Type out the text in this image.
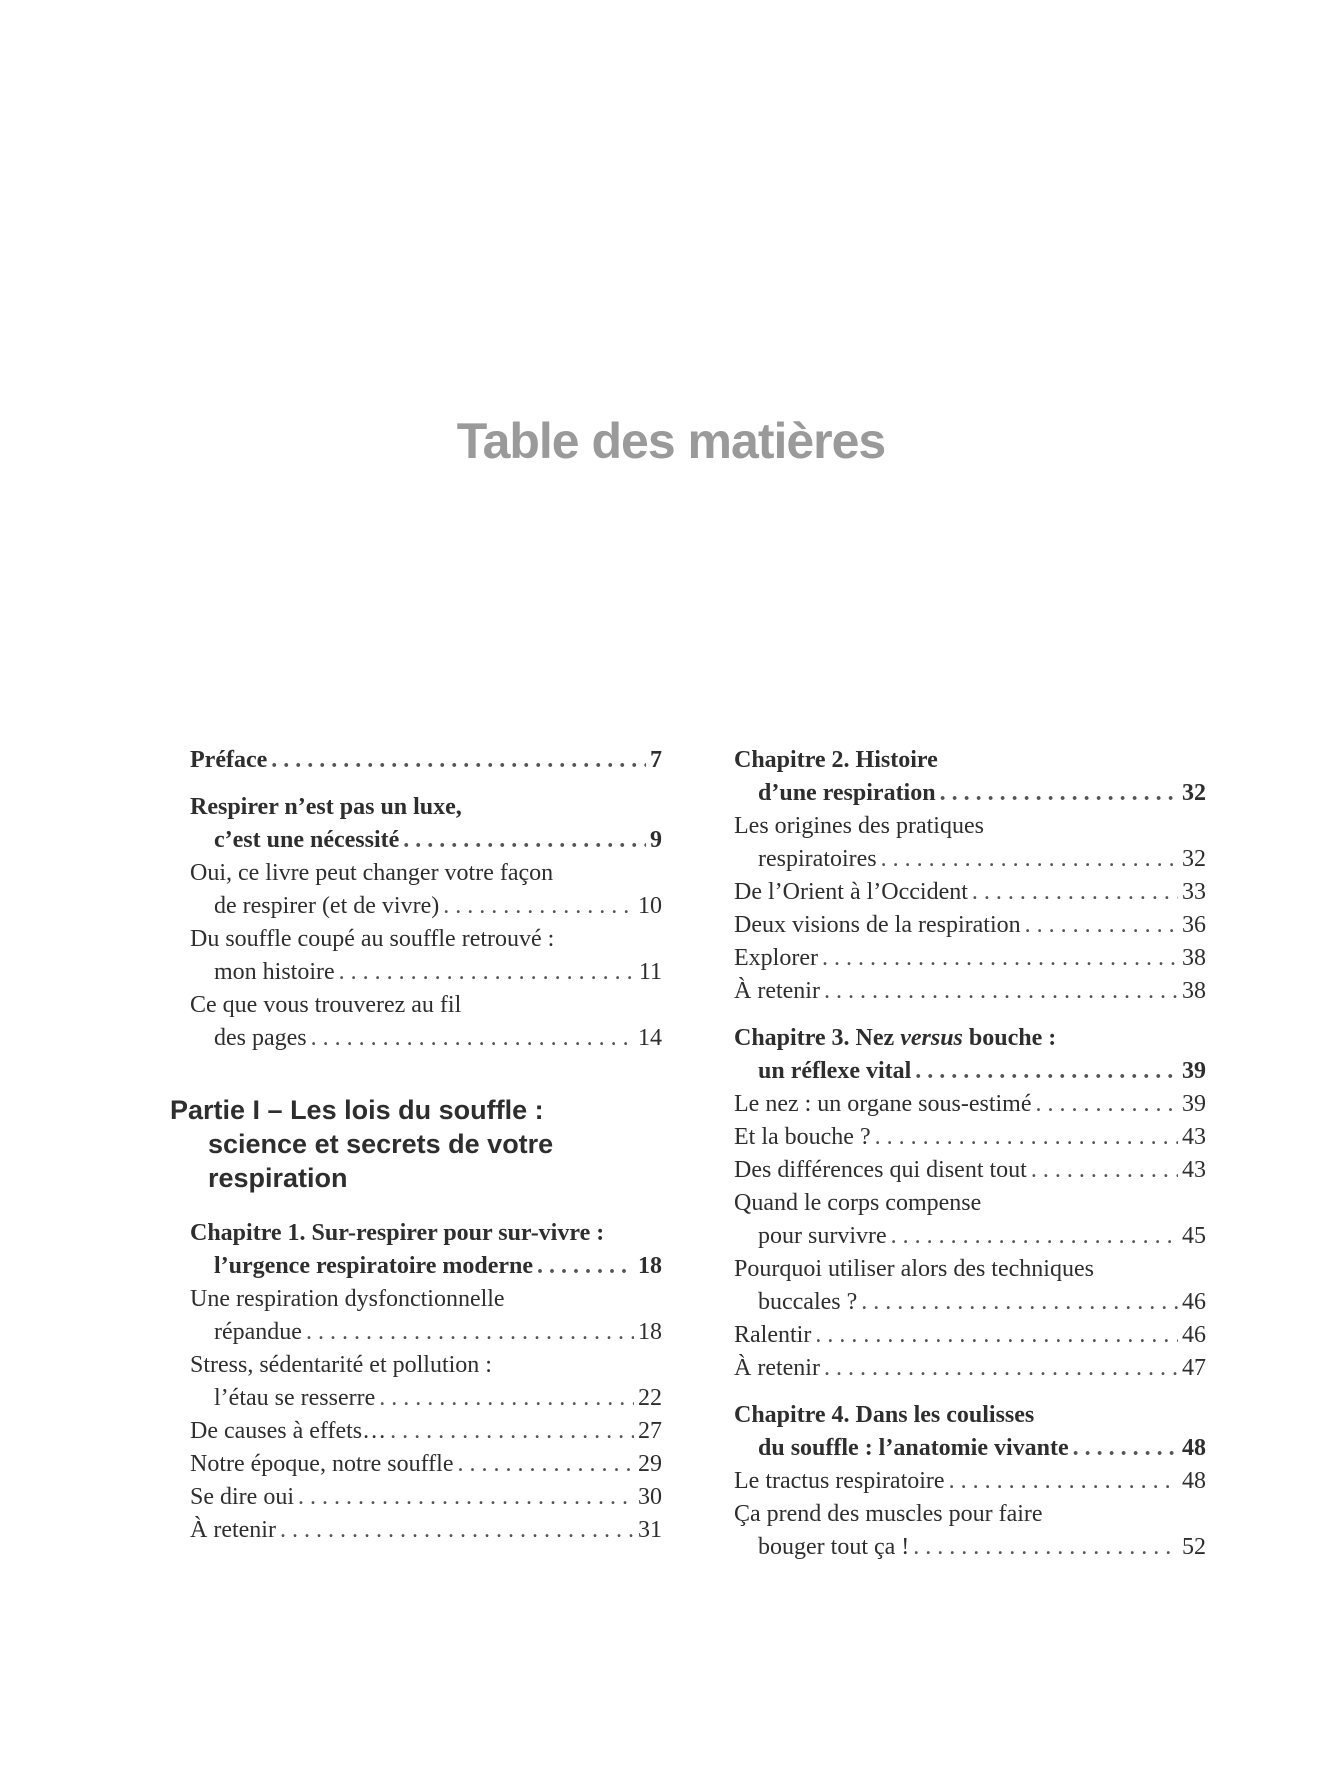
Table des matières
Préface . . .	7
Respirer n’est pas un luxe,
c’est une nécessité . . .	9
Oui, ce livre peut changer votre façon
de respirer (et de vivre) . . .	10
Du souffle coupé au souffle retrouvé :
mon histoire . . .	11
Ce que vous trouverez au fil
des pages . . .	14
Partie I – Les lois du souffle :
science et secrets de votre
respiration
Chapitre 1. Sur-respirer pour sur-vivre :
l’urgence respiratoire moderne . . .	18
Une respiration dysfonctionnelle
répandue . . .	18
Stress, sédentarité et pollution :
l’étau se resserre . . .	22
De causes à effets… . . .	27
Notre époque, notre souffle . . .	29
Se dire oui . . .	30
À retenir . . .	31
Chapitre 2. Histoire
d’une respiration . . .	32
Les origines des pratiques
respiratoires . . .	32
De l’Orient à l’Occident . . .	33
Deux visions de la respiration . . .	36
Explorer . . .	38
À retenir . . .	38
Chapitre 3. Nez versus bouche :
un réflexe vital . . .	39
Le nez : un organe sous-estimé . . .	39
Et la bouche ? . . .	43
Des différences qui disent tout . . .	43
Quand le corps compense
pour survivre . . .	45
Pourquoi utiliser alors des techniques
buccales ? . . .	46
Ralentir . . .	46
À retenir . . .	47
Chapitre 4. Dans les coulisses
du souffle : l’anatomie vivante . . .	48
Le tractus respiratoire . . .	48
Ça prend des muscles pour faire
bouger tout ça ! . . .	52
